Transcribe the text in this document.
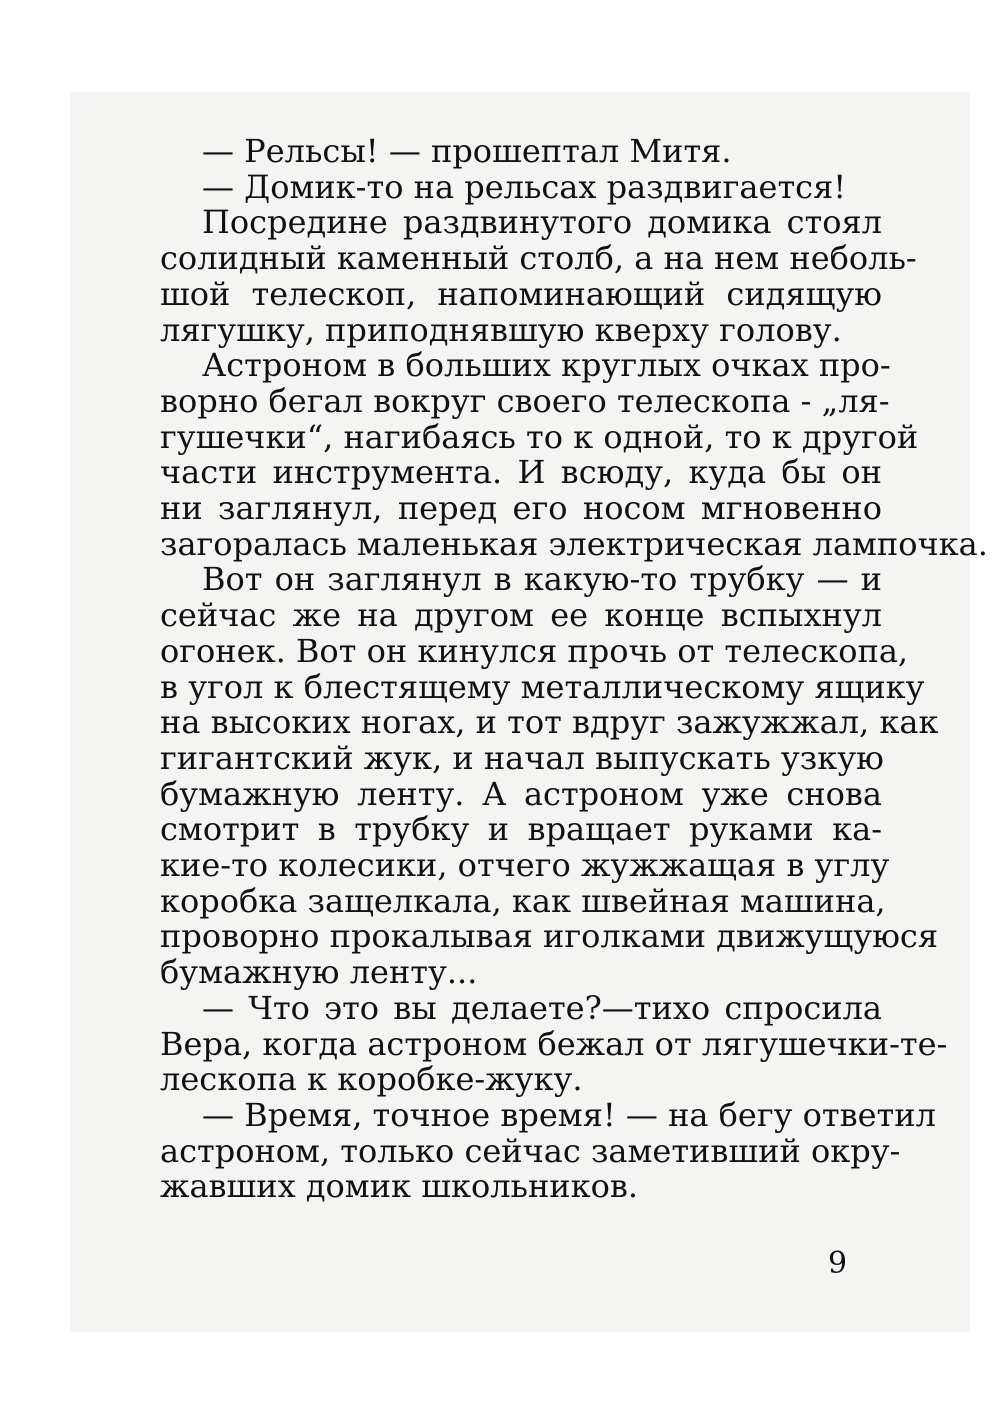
— Рельсы! — прошептал Митя.
— Домик-то на рельсах раздвигается!
Посредине раздвинутого домика стоял
солидный каменный столб, а на нем неболь-
шой телескоп, напоминающий сидящую
лягушку, приподнявшую кверху голову.
Астроном в больших круглых очках про-
ворно бегал вокруг своего телескопа - „ля-
гушечки“, нагибаясь то к одной, то к другой
части инструмента. И всюду, куда бы он
ни заглянул, перед его носом мгновенно
загоралась маленькая электрическая лампочка.
Вот он заглянул в какую-то трубку — и
сейчас же на другом ее конце вспыхнул
огонек. Вот он кинулся прочь от телескопа,
в угол к блестящему металлическому ящику
на высоких ногах, и тот вдруг зажужжал, как
гигантский жук, и начал выпускать узкую
бумажную ленту. А астроном уже снова
смотрит в трубку и вращает руками ка-
кие-то колесики, отчего жужжащая в углу
коробка защелкала, как швейная машина,
проворно прокалывая иголками движущуюся
бумажную ленту...
— Что это вы делаете?—тихо спросила
Вера, когда астроном бежал от лягушечки-те-
лескопа к коробке-жуку.
— Время, точное время! — на бегу ответил
астроном, только сейчас заметивший окру-
жавших домик школьников.
9
